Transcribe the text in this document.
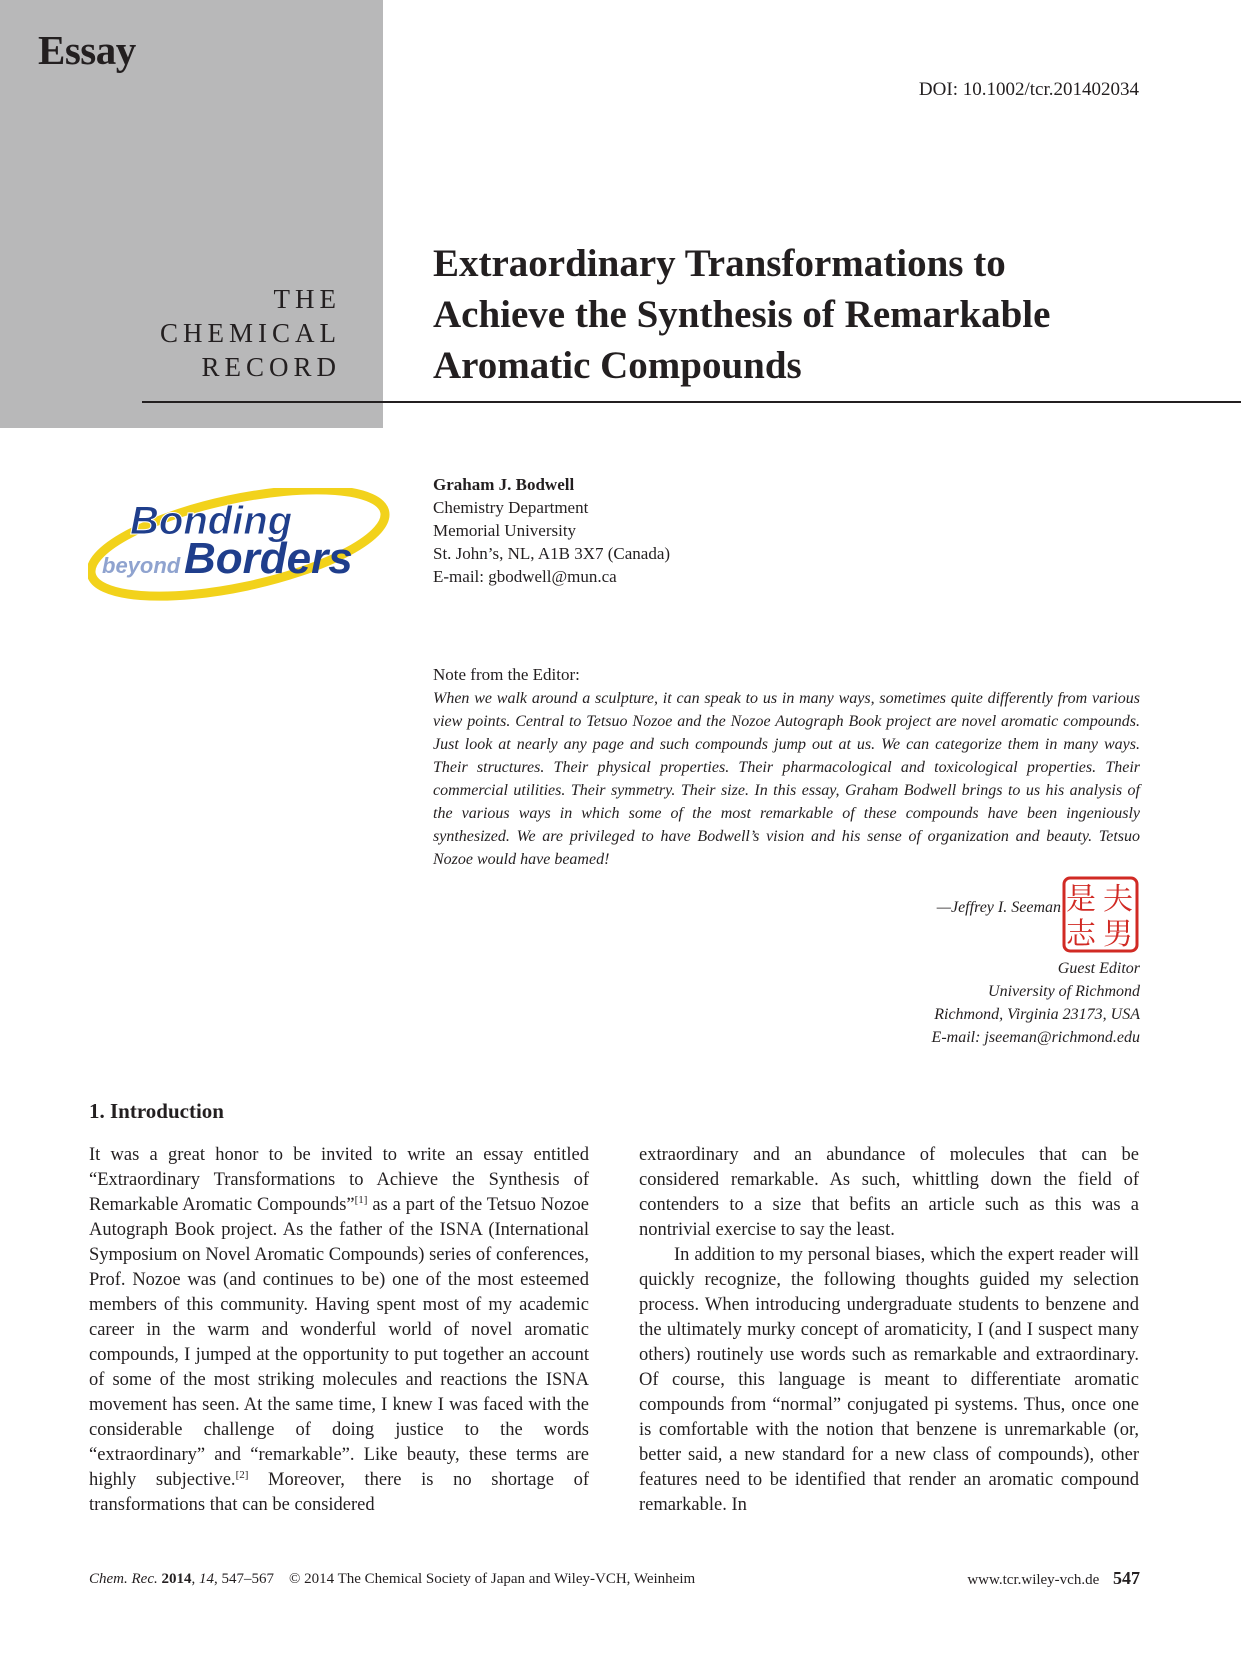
Essay
THE
CHEMICAL
RECORD
DOI: 10.1002/tcr.201402034
Extraordinary Transformations to
Achieve the Synthesis of Remarkable
Aromatic Compounds
Bonding
beyond Borders
Graham J. Bodwell
Chemistry Department
Memorial University
St. John’s, NL, A1B 3X7 (Canada)
E-mail: gbodwell@mun.ca
Note from the Editor:
When we walk around a sculpture, it can speak to us in many ways, sometimes quite differently from various view points. Central to Tetsuo Nozoe and the Nozoe Autograph Book project are novel aromatic compounds. Just look at nearly any page and such compounds jump out at us. We can categorize them in many ways. Their structures. Their physical properties. Their pharmacological and toxicological properties. Their commercial utilities. Their symmetry. Their size. In this essay, Graham Bodwell brings to us his analysis of the various ways in which some of the most remarkable of these compounds have been ingeniously synthesized. We are privileged to have Bodwell’s vision and his sense of organization and beauty. Tetsuo Nozoe would have beamed!
—Jeffrey I. Seeman 是 夫
志 男
Guest Editor
University of Richmond
Richmond, Virginia 23173, USA
E-mail: jseeman@richmond.edu
1. Introduction

It was a great honor to be invited to write an essay entitled “Extraordinary Transformations to Achieve the Synthesis of Remarkable Aromatic Compounds”[1] as a part of the Tetsuo Nozoe Autograph Book project. As the father of the ISNA (International Symposium on Novel Aromatic Compounds) series of conferences, Prof. Nozoe was (and continues to be) one of the most esteemed members of this community. Having spent most of my academic career in the warm and wonderful world of novel aromatic compounds, I jumped at the opportunity to put together an account of some of the most striking molecules and reactions the ISNA movement has seen. At the same time, I knew I was faced with the considerable challenge of doing justice to the words “extraordinary” and “remarkable”. Like beauty, these terms are highly subjective.[2] Moreover, there is no shortage of transformations that can be considered

extraordinary and an abundance of molecules that can be considered remarkable. As such, whittling down the field of contenders to a size that befits an article such as this was a nontrivial exercise to say the least.

In addition to my personal biases, which the expert reader will quickly recognize, the following thoughts guided my selection process. When introducing undergraduate students to benzene and the ultimately murky concept of aromaticity, I (and I suspect many others) routinely use words such as remarkable and extraordinary. Of course, this language is meant to differentiate aromatic compounds from “normal” conjugated pi systems. Thus, once one is comfortable with the notion that benzene is unremarkable (or, better said, a new standard for a new class of compounds), other features need to be identified that render an aromatic compound remarkable. In

Chem. Rec. 2014, 14, 547–567 © 2014 The Chemical Society of Japan and Wiley-VCH, Weinheim	www.tcr.wiley-vch.de 547
